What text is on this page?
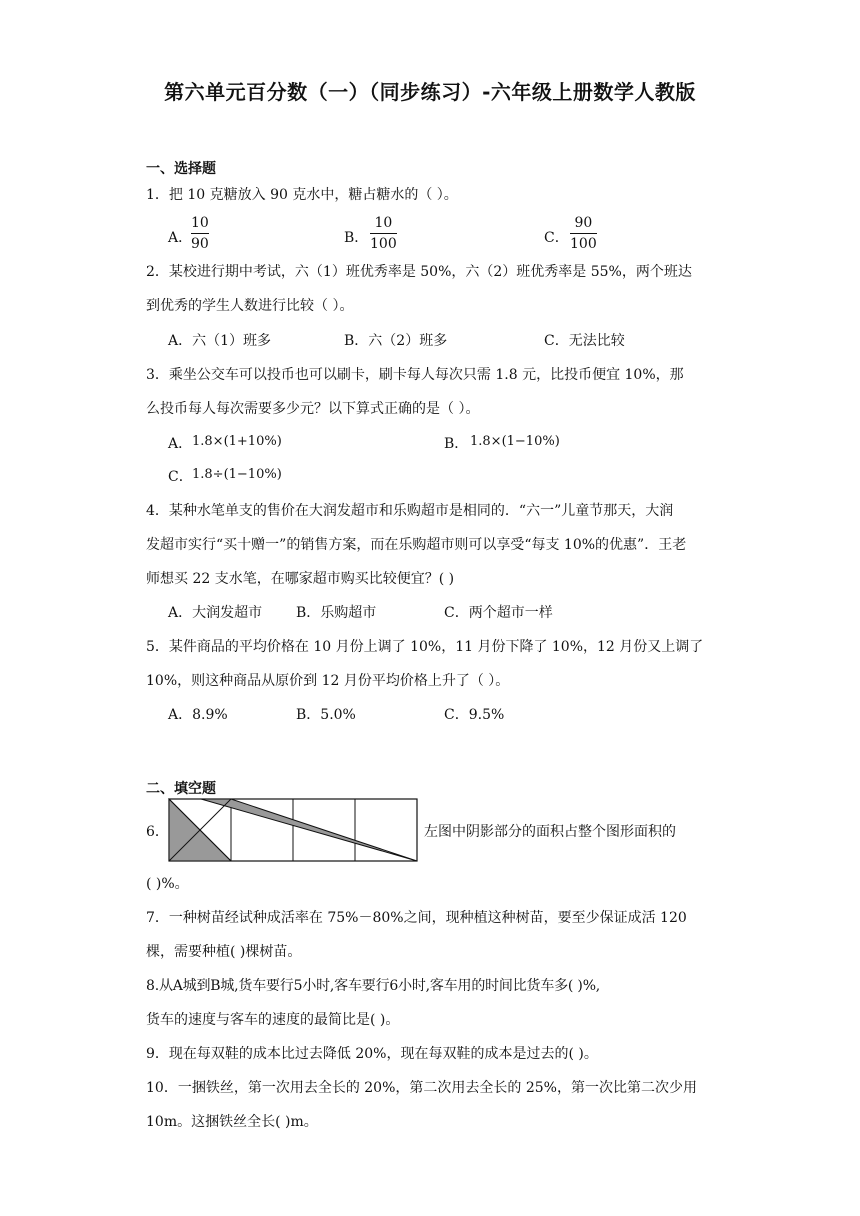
第六单元百分数（一）（同步练习）-六年级上册数学人教版
一、选择题
1．把 10 克糖放入 90 克水中，糖占糖水的（ ）。
A．
10
90	B．
10
100	C．
90
100
2．某校进行期中考试，六（1）班优秀率是 50%，六（2）班优秀率是 55%，两个班达
到优秀的学生人数进行比较（ ）。
A．六（1）班多	B．六（2）班多	C．无法比较
3．乘坐公交车可以投币也可以刷卡，刷卡每人每次只需 1.8 元，比投币便宜 10%，那
么投币每人每次需要多少元？以下算式正确的是（ ）。
A． 1.8×(1+10%)	B． 1.8×(1−10%)
C． 1.8÷(1−10%)
4．某种水笔单支的售价在大润发超市和乐购超市是相同的．“六一”儿童节那天，大润
发超市实行“买十赠一”的销售方案，而在乐购超市则可以享受“每支 10%的优惠”．王老
师想买 22 支水笔，在哪家超市购买比较便宜？( )
A．大润发超市 B．乐购超市	C．两个超市一样
5．某件商品的平均价格在 10 月份上调了 10%，11 月份下降了 10%，12 月份又上调了
10%，则这种商品从原价到 12 月份平均价格上升了（ ）。
A．8.9%	B．5.0%	C．9.5%
二、填空题
6．	左图中阴影部分的面积占整个图形面积的
( )%。
7．一种树苗经试种成活率在 75%－80%之间，现种植这种树苗，要至少保证成活 120
棵，需要种植( )棵树苗。
8.从A城到B城,货车要行5小时,客车要行6小时,客车用的时间比货车多( )%,
货车的速度与客车的速度的最简比是( )。
9．现在每双鞋的成本比过去降低 20%，现在每双鞋的成本是过去的( )。
10．一捆铁丝，第一次用去全长的 20%，第二次用去全长的 25%，第一次比第二次少用
10m。这捆铁丝全长( )m。
